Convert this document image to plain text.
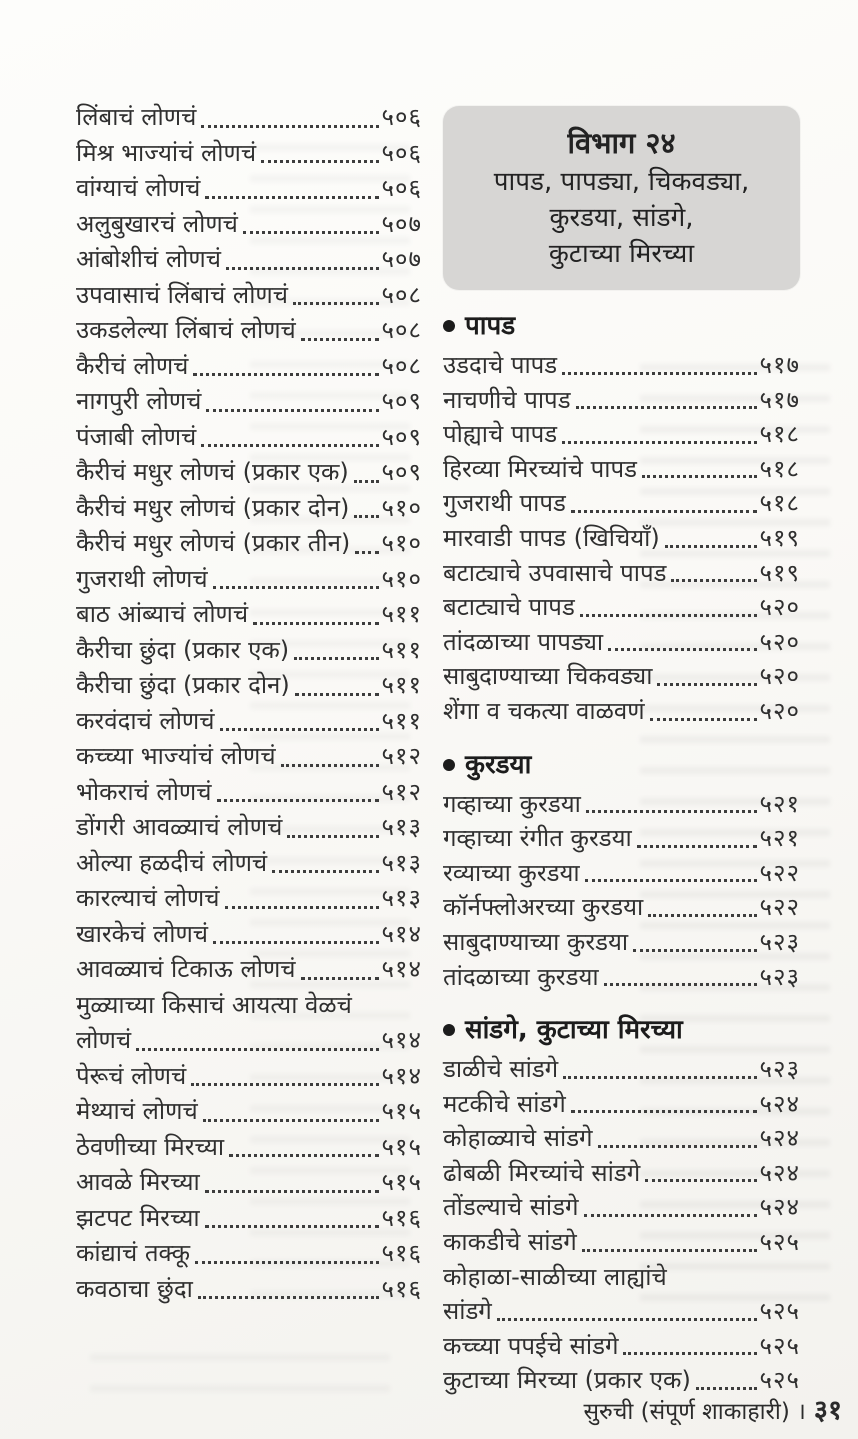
लिंबाचं लोणचं	५०६
मिश्र भाज्यांचं लोणचं	५०६
वांग्याचं लोणचं	५०६
अलुबुखारचं लोणचं	५०७
आंबोशीचं लोणचं	५०७
उपवासाचं लिंबाचं लोणचं	५०८
उकडलेल्या लिंबाचं लोणचं	५०८
कैरीचं लोणचं	५०८
नागपुरी लोणचं	५०९
पंजाबी लोणचं	५०९
कैरीचं मधुर लोणचं (प्रकार एक) ५०९
कैरीचं मधुर लोणचं (प्रकार दोन) ५१०
कैरीचं मधुर लोणचं (प्रकार तीन) ५१०
गुजराथी लोणचं	५१०
बाठ आंब्याचं लोणचं	५११
कैरीचा छुंदा (प्रकार एक)	५११
कैरीचा छुंदा (प्रकार दोन)	५११
करवंदाचं लोणचं	५११
कच्च्या भाज्यांचं लोणचं	५१२
भोकराचं लोणचं	५१२
डोंगरी आवळ्याचं लोणचं	५१३
ओल्या हळदीचं लोणचं	५१३
कारल्याचं लोणचं	५१३
खारकेचं लोणचं	५१४
आवळ्याचं टिकाऊ लोणचं	५१४
मुळ्याच्या किसाचं आयत्या वेळचं
लोणचं	५१४
पेरूचं लोणचं	५१४
मेथ्याचं लोणचं	५१५
ठेवणीच्या मिरच्या	५१५
आवळे मिरच्या	५१५
झटपट मिरच्या	५१६
कांद्याचं तक्कू	५१६
कवठाचा छुंदा	५१६
विभाग २४
पापड, पापड्या, चिकवड्या,
कुरडया, सांडगे,
कुटाच्या मिरच्या
पापड
उडदाचे पापड	५१७
नाचणीचे पापड	५१७
पोह्याचे पापड	५१८
हिरव्या मिरच्यांचे पापड	५१८
गुजराथी पापड	५१८
मारवाडी पापड (खिचियाँ)	५१९
बटाट्याचे उपवासाचे पापड	५१९
बटाट्याचे पापड	५२०
तांदळाच्या पापड्या	५२०
साबुदाण्याच्या चिकवड्या	५२०
शेंगा व चकत्या वाळवणं	५२०
कुरडया
गव्हाच्या कुरडया	५२१
गव्हाच्या रंगीत कुरडया	५२१
रव्याच्या कुरडया	५२२
कॉर्नफ्लोअरच्या कुरडया	५२२
साबुदाण्याच्या कुरडया	५२३
तांदळाच्या कुरडया	५२३
सांडगे, कुटाच्या मिरच्या
डाळीचे सांडगे	५२३
मटकीचे सांडगे	५२४
कोहाळ्याचे सांडगे	५२४
ढोबळी मिरच्यांचे सांडगे	५२४
तोंडल्याचे सांडगे	५२४
काकडीचे सांडगे	५२५
कोहाळा-साळीच्या लाह्यांचे
सांडगे	५२५
कच्च्या पपईचे सांडगे	५२५
कुटाच्या मिरच्या (प्रकार एक)	५२५
सुरुची (संपूर्ण शाकाहारी) । ३१
